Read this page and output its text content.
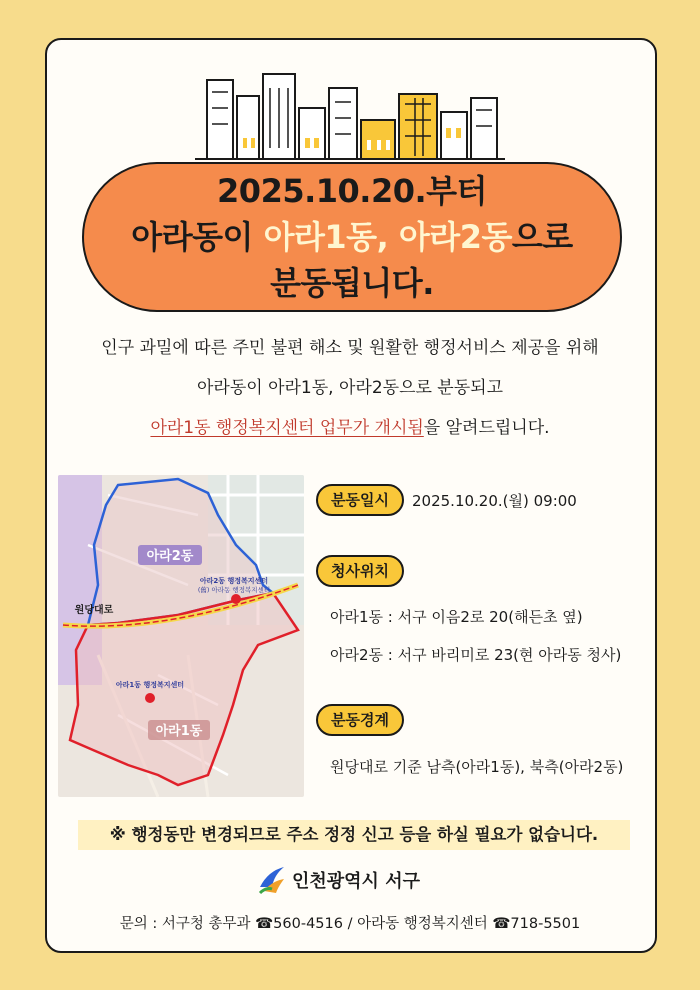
2025.10.20.부터
아라동이 아라1동, 아라2동으로
분동됩니다.
인구 과밀에 따른 주민 불편 해소 및 원활한 행정서비스 제공을 위해
아라동이 아라1동, 아라2동으로 분동되고
아라1동 행정복지센터 업무가 개시됨을 알려드립니다.
아라2동
아라1동
원당대로
아라2동 행정복지센터
(舊) 아라동 행정복지센터
아라1동 행정복지센터
분동일시	2025.10.20.(월) 09:00
청사위치
아라1동 : 서구 이음2로 20(해든초 옆)
아라2동 : 서구 바리미로 23(현 아라동 청사)
분동경계
원당대로 기준 남측(아라1동), 북측(아라2동)
※ 행정동만 변경되므로 주소 정정 신고 등을 하실 필요가 없습니다.
인천광역시 서구
문의 : 서구청 총무과 ☎560-4516 / 아라동 행정복지센터 ☎718-5501
